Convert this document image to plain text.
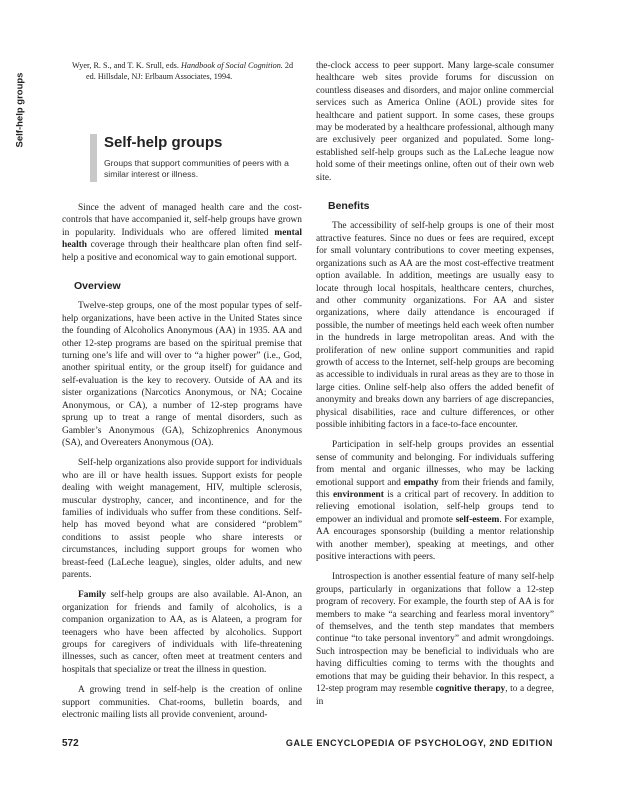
Self-help groups
Wyer, R. S., and T. K. Srull, eds. Handbook of Social Cognition. 2d ed. Hillsdale, NJ: Erlbaum Associates, 1994.
Self-help groups
Groups that support communities of peers with a similar interest or illness.

Since the advent of managed health care and the cost-controls that have accompanied it, self-help groups have grown in popularity. Individuals who are offered limited mental health coverage through their healthcare plan often find self-help a positive and economical way to gain emotional support.

Overview

Twelve-step groups, one of the most popular types of self-help organizations, have been active in the United States since the founding of Alcoholics Anonymous (AA) in 1935. AA and other 12-step programs are based on the spiritual premise that turning one’s life and will over to “a higher power” (i.e., God, another spiritual entity, or the group itself) for guidance and self-evaluation is the key to recovery. Outside of AA and its sister organizations (Narcotics Anonymous, or NA; Cocaine Anonymous, or CA), a number of 12-step programs have sprung up to treat a range of mental disorders, such as Gambler’s Anonymous (GA), Schizophrenics Anonymous (SA), and Overeaters Anonymous (OA).

Self-help organizations also provide support for individuals who are ill or have health issues. Support exists for people dealing with weight management, HIV, multiple sclerosis, muscular dystrophy, cancer, and incontinence, and for the families of individuals who suffer from these conditions. Self-help has moved beyond what are considered “problem” conditions to assist people who share interests or circumstances, including support groups for women who breast-feed (LaLeche league), singles, older adults, and new parents.

Family self-help groups are also available. Al-Anon, an organization for friends and family of alcoholics, is a companion organization to AA, as is Alateen, a program for teenagers who have been affected by alcoholics. Support groups for caregivers of individuals with life-threatening illnesses, such as cancer, often meet at treatment centers and hospitals that specialize or treat the illness in question.

A growing trend in self-help is the creation of online support communities. Chat-rooms, bulletin boards, and electronic mailing lists all provide convenient, around-

the-clock access to peer support. Many large-scale consumer healthcare web sites provide forums for discussion on countless diseases and disorders, and major online commercial services such as America Online (AOL) provide sites for healthcare and patient support. In some cases, these groups may be moderated by a healthcare professional, although many are exclusively peer organized and populated. Some long-established self-help groups such as the LaLeche league now hold some of their meetings online, often out of their own web site.

Benefits

The accessibility of self-help groups is one of their most attractive features. Since no dues or fees are required, except for small voluntary contributions to cover meeting expenses, organizations such as AA are the most cost-effective treatment option available. In addition, meetings are usually easy to locate through local hospitals, healthcare centers, churches, and other community organizations. For AA and sister organizations, where daily attendance is encouraged if possible, the number of meetings held each week often number in the hundreds in large metropolitan areas. And with the proliferation of new online support communities and rapid growth of access to the Internet, self-help groups are becoming as accessible to individuals in rural areas as they are to those in large cities. Online self-help also offers the added benefit of anonymity and breaks down any barriers of age discrepancies, physical disabilities, race and culture differences, or other possible inhibiting factors in a face-to-face encounter.

Participation in self-help groups provides an essential sense of community and belonging. For individuals suffering from mental and organic illnesses, who may be lacking emotional support and empathy from their friends and family, this environment is a critical part of recovery. In addition to relieving emotional isolation, self-help groups tend to empower an individual and promote self-esteem. For example, AA encourages sponsorship (building a mentor relationship with another member), speaking at meetings, and other positive interactions with peers.

Introspection is another essential feature of many self-help groups, particularly in organizations that follow a 12-step program of recovery. For example, the fourth step of AA is for members to make “a searching and fearless moral inventory” of themselves, and the tenth step mandates that members continue “to take personal inventory” and admit wrongdoings. Such introspection may be beneficial to individuals who are having difficulties coming to terms with the thoughts and emotions that may be guiding their behavior. In this respect, a 12-step program may resemble cognitive therapy, to a degree, in

572	GALE ENCYCLOPEDIA OF PSYCHOLOGY, 2ND EDITION
